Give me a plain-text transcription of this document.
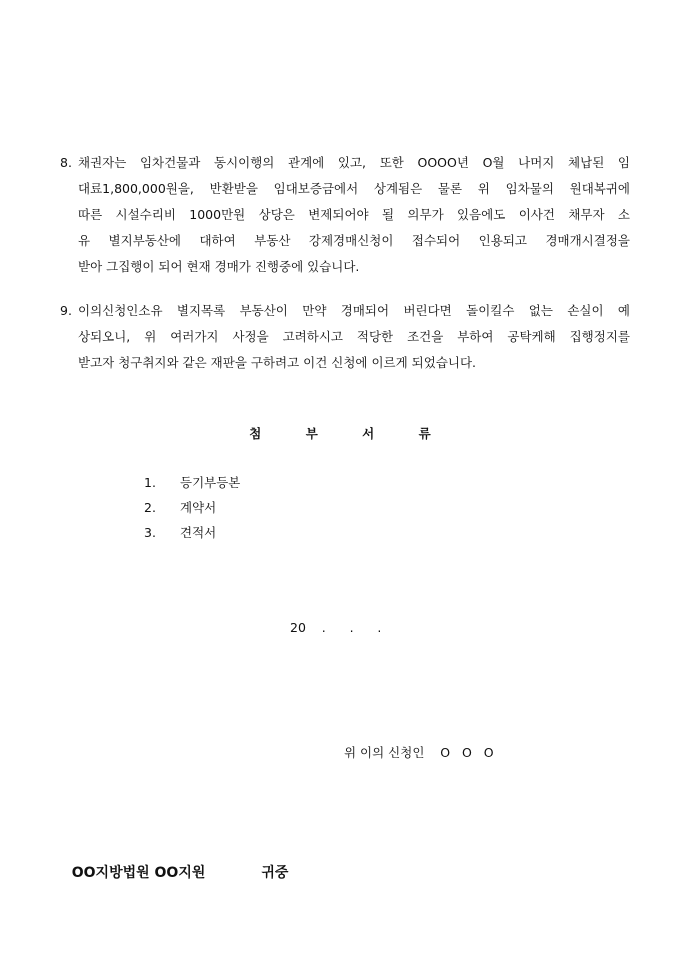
8. 채권자는 임차건물과 동시이행의 관계에 있고, 또한 OOOO년 O월 나머지 체납된 임
대료1,800,000원을, 반환받을 임대보증금에서 상계됨은 물론 위 임차물의 원대복귀에
따른 시설수리비 1000만원 상당은 변제되어야 될 의무가 있음에도 이사건 채무자 소
유 별지부동산에 대하여 부동산 강제경매신청이 접수되어 인용되고 경매개시결정을
받아 그집행이 되어 현재 경매가 진행중에 있습니다.
9. 이의신청인소유 별지목록 부동산이 만약 경매되어 버린다면 돌이킬수 없는 손실이 예
상되오니, 위 여러가지 사정을 고려하시고 적당한 조건을 부하여 공탁케해 집행정지를
받고자 청구취지와 같은 재판을 구하려고 이건 신청에 이르게 되었습니다.
첨	부	서	류
1. 등기부등본
2. 계약서
3. 견적서
20    .      .      .
위 이의 신청인    O   O   O

OO지방법원 OO지원	귀중
